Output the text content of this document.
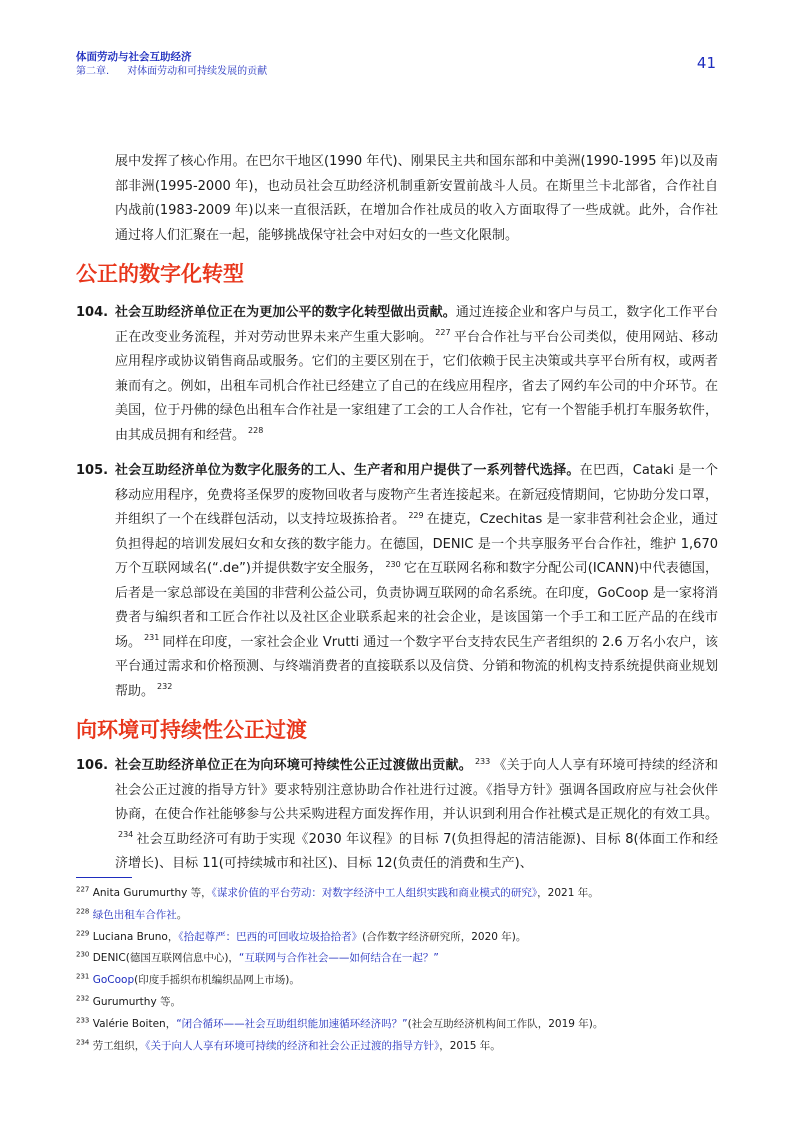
体面劳动与社会互助经济
第二章. 对体面劳动和可持续发展的贡献	41

展中发挥了核心作用。在巴尔干地区(1990 年代)、刚果民主共和国东部和中美洲(1990-1995 年)以及南部非洲(1995-2000 年)，也动员社会互助经济机制重新安置前战斗人员。在斯里兰卡北部省，合作社自内战前(1983-2009 年)以来一直很活跃，在增加合作社成员的收入方面取得了一些成就。此外，合作社通过将人们汇聚在一起，能够挑战保守社会中对妇女的一些文化限制。

公正的数字化转型

104. 社会互助经济单位正在为更加公平的数字化转型做出贡献。通过连接企业和客户与员工，数字化工作平台正在改变业务流程，并对劳动世界未来产生重大影响。 $^{227}$ 平台合作社与平台公司类似，使用网站、移动应用程序或协议销售商品或服务。它们的主要区别在于，它们依赖于民主决策或共享平台所有权，或两者兼而有之。例如，出租车司机合作社已经建立了自己的在线应用程序，省去了网约车公司的中介环节。在美国，位于丹佛的绿色出租车合作社是一家组建了工会的工人合作社，它有一个智能手机打车服务软件，由其成员拥有和经营。 $^{228}$

105. 社会互助经济单位为数字化服务的工人、生产者和用户提供了一系列替代选择。在巴西，Cataki 是一个移动应用程序，免费将圣保罗的废物回收者与废物产生者连接起来。在新冠疫情期间，它协助分发口罩，并组织了一个在线群包活动，以支持垃圾拣拾者。 $^{229}$ 在捷克，Czechitas 是一家非营利社会企业，通过负担得起的培训发展妇女和女孩的数字能力。在德国，DENIC 是一个共享服务平台合作社，维护 1,670 万个互联网域名(“.de”)并提供数字安全服务， $^{230}$ 它在互联网名称和数字分配公司(ICANN)中代表德国，后者是一家总部设在美国的非营利公益公司，负责协调互联网的命名系统。在印度，GoCoop 是一家将消费者与编织者和工匠合作社以及社区企业联系起来的社会企业，是该国第一个手工和工匠产品的在线市场。 $^{231}$ 同样在印度，一家社会企业 Vrutti 通过一个数字平台支持农民生产者组织的 2.6 万名小农户，该平台通过需求和价格预测、与终端消费者的直接联系以及信贷、分销和物流的机构支持系统提供商业规划帮助。 $^{232}$

向环境可持续性公正过渡

106. 社会互助经济单位正在为向环境可持续性公正过渡做出贡献。 $^{233}$ 《关于向人人享有环境可持续的经济和社会公正过渡的指导方针》要求特别注意协助合作社进行过渡。《指导方针》强调各国政府应与社会伙伴协商，在使合作社能够参与公共采购进程方面发挥作用，并认识到利用合作社模式是正规化的有效工具。$^{234}$ 社会互助经济可有助于实现《2030 年议程》的目标 7(负担得起的清洁能源)、目标 8(体面工作和经济增长)、目标 11(可持续城市和社区)、目标 12(负责任的消费和生产)、

$^{227}$ Anita Gurumurthy 等，《谋求价值的平台劳动：对数字经济中工人组织实践和商业模式的研究》，2021 年。
$^{228}$ 绿色出租车合作社。
$^{229}$ Luciana Bruno，《拾起尊严：巴西的可回收垃圾拾拾者》(合作数字经济研究所，2020 年)。
$^{230}$ DENIC(德国互联网信息中心)，“互联网与合作社会——如何结合在一起？”
$^{231}$ GoCoop(印度手摇织布机编织品网上市场)。
$^{232}$ Gurumurthy 等。
$^{233}$ Valérie Boiten，“闭合循环——社会互助组织能加速循环经济吗？”(社会互助经济机构间工作队，2019 年)。
$^{234}$ 劳工组织，《关于向人人享有环境可持续的经济和社会公正过渡的指导方针》，2015 年。
